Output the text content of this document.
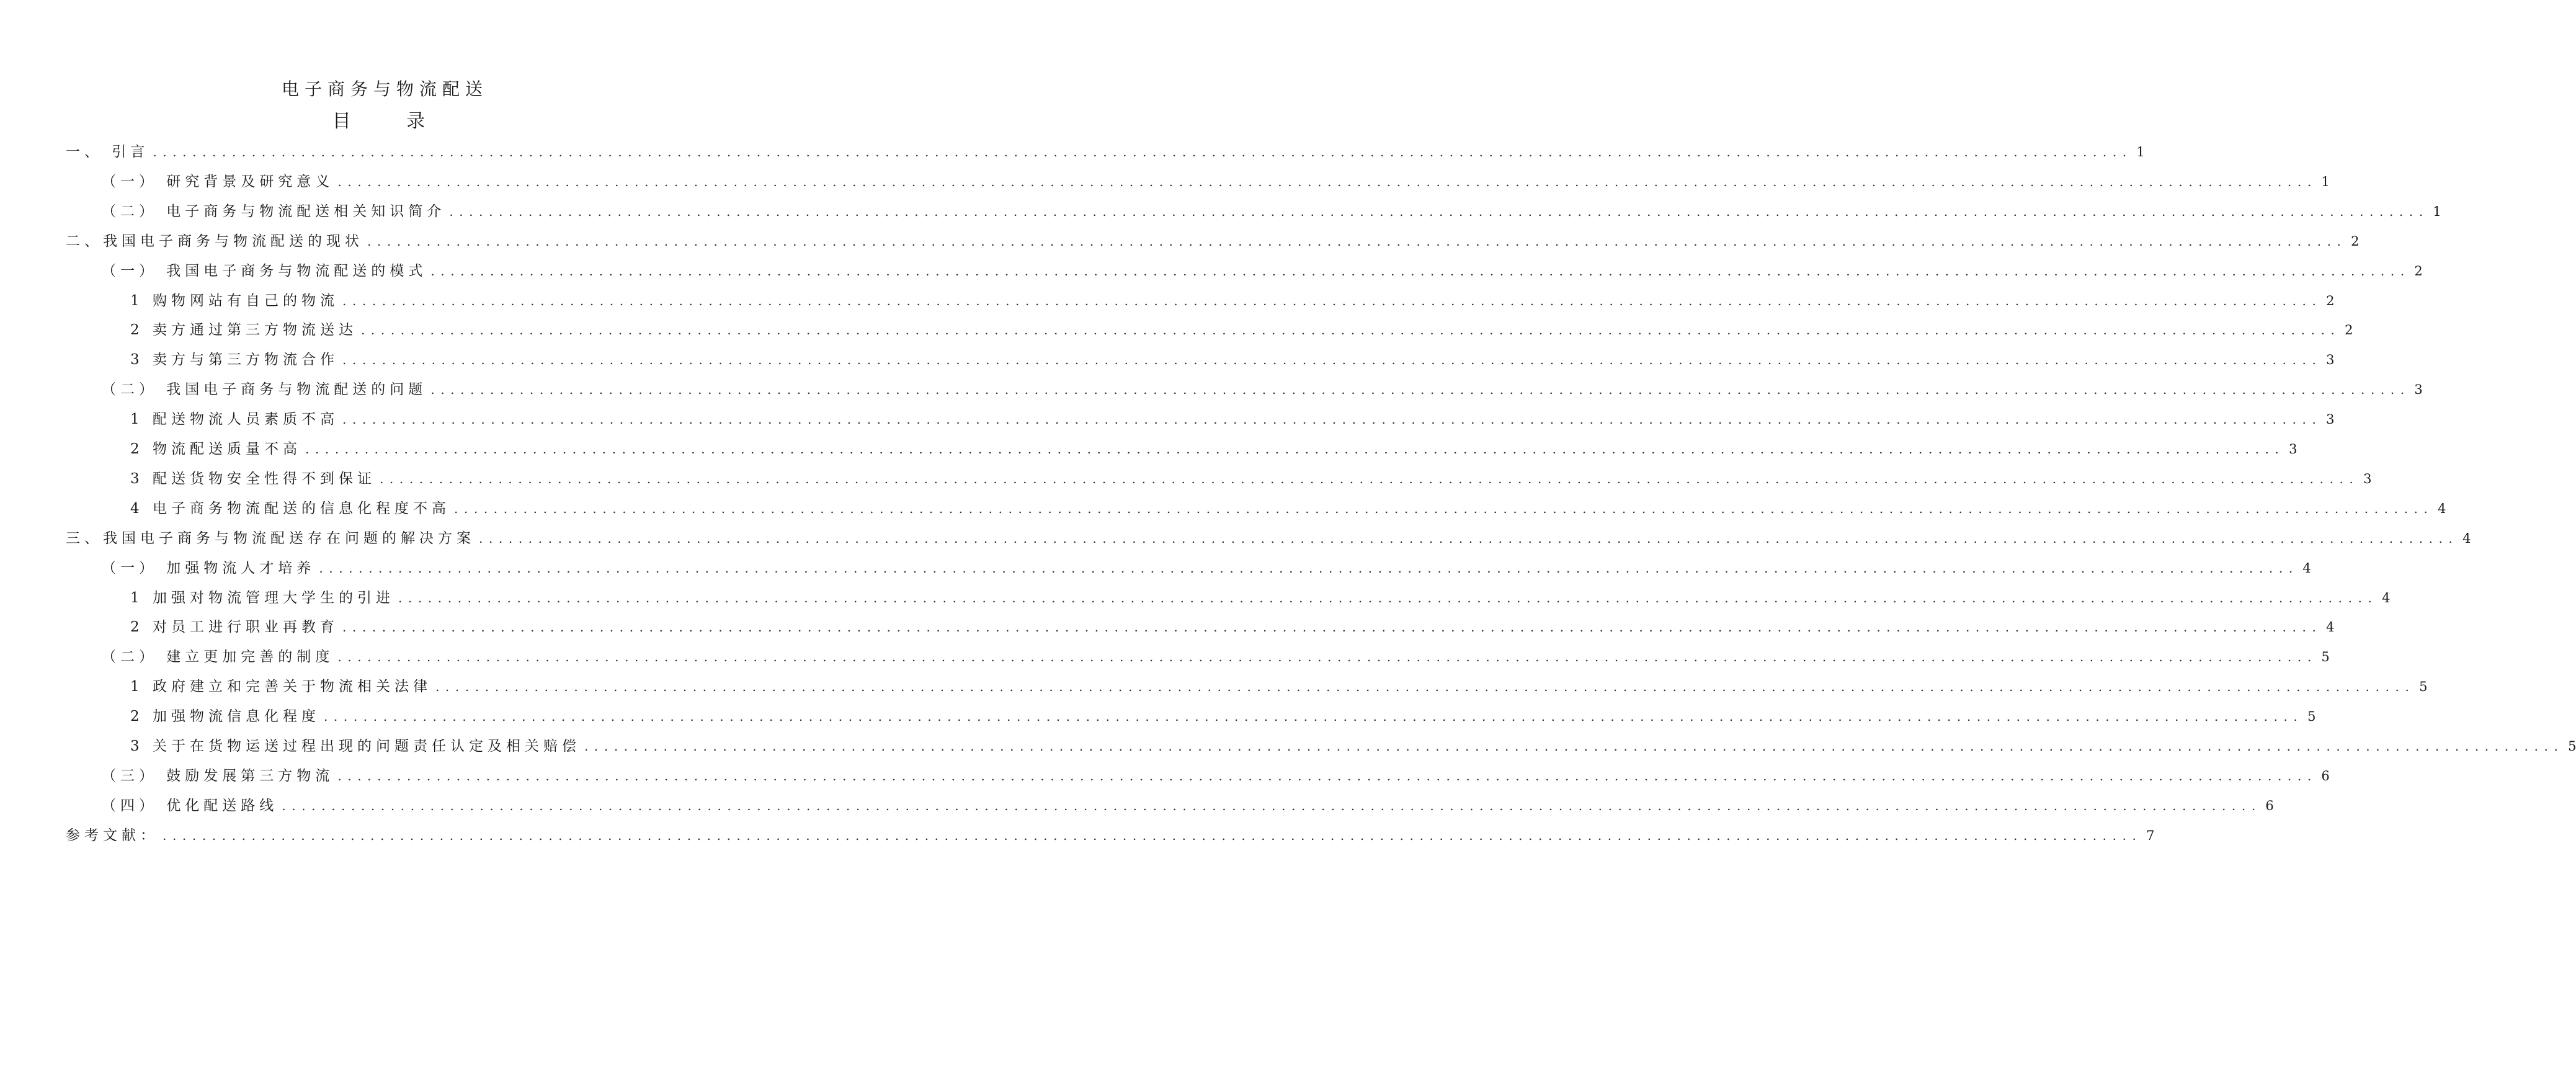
电子商务与物流配送
目 录
一、 引言 ........................................................................................................................................................................................................ 1
（一） 研究背景及研究意义 ........................................................................................................................................................................................................ 1
（二） 电子商务与物流配送相关知识简介 ........................................................................................................................................................................................................ 1
二、我国电子商务与物流配送的现状 ........................................................................................................................................................................................................ 2
（一） 我国电子商务与物流配送的模式 ........................................................................................................................................................................................................ 2
1 购物网站有自己的物流 ........................................................................................................................................................................................................ 2
2 卖方通过第三方物流送达 ........................................................................................................................................................................................................ 2
3 卖方与第三方物流合作 ........................................................................................................................................................................................................ 3
（二） 我国电子商务与物流配送的问题 ........................................................................................................................................................................................................ 3
1 配送物流人员素质不高 ........................................................................................................................................................................................................ 3
2 物流配送质量不高 ........................................................................................................................................................................................................ 3
3 配送货物安全性得不到保证 ........................................................................................................................................................................................................ 3
4 电子商务物流配送的信息化程度不高 ........................................................................................................................................................................................................ 4
三、我国电子商务与物流配送存在问题的解决方案 ........................................................................................................................................................................................................ 4
（一） 加强物流人才培养 ........................................................................................................................................................................................................ 4
1 加强对物流管理大学生的引进 ........................................................................................................................................................................................................ 4
2 对员工进行职业再教育 ........................................................................................................................................................................................................ 4
（二） 建立更加完善的制度 ........................................................................................................................................................................................................ 5
1 政府建立和完善关于物流相关法律 ........................................................................................................................................................................................................ 5
2 加强物流信息化程度 ........................................................................................................................................................................................................ 5
3 关于在货物运送过程出现的问题责任认定及相关赔偿 ........................................................................................................................................................................................................ 5
（三） 鼓励发展第三方物流 ........................................................................................................................................................................................................ 6
（四） 优化配送路线 ........................................................................................................................................................................................................ 6
参考文献： ........................................................................................................................................................................................................ 7
